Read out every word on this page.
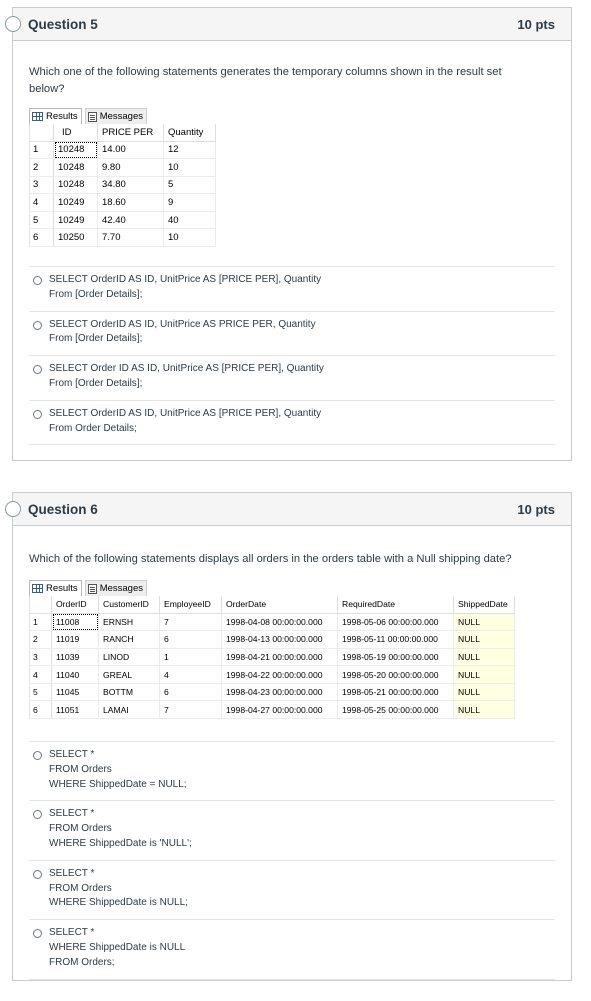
Question 5	10 pts
Which one of the following statements generates the temporary columns shown in the result set
below?
Results Messages
	ID	PRICE PER	Quantity
1	10248	14.00	12
2	10248	9.80	10
3	10248	34.80	5
4	10249	18.60	9
5	10249	42.40	40
6	10250	7.70	10
SELECT OrderID AS ID, UnitPrice AS [PRICE PER], Quantity
From [Order Details];
SELECT OrderID AS ID, UnitPrice AS PRICE PER, Quantity
From [Order Details];
SELECT Order ID AS ID, UnitPrice AS [PRICE PER], Quantity
From [Order Details];
SELECT OrderID AS ID, UnitPrice AS [PRICE PER], Quantity
From Order Details;
Question 6	10 pts
Which of the following statements displays all orders in the orders table with a Null shipping date?
Results Messages
	OrderID	CustomerID	EmployeeID	OrderDate	RequiredDate	ShippedDate
1	11008	ERNSH	7	1998-04-08 00:00:00.000	1998-05-06 00:00:00.000	NULL
2	11019	RANCH	6	1998-04-13 00:00:00.000	1998-05-11 00:00:00.000	NULL
3	11039	LINOD	1	1998-04-21 00:00:00.000	1998-05-19 00:00:00.000	NULL
4	11040	GREAL	4	1998-04-22 00:00:00.000	1998-05-20 00:00:00.000	NULL
5	11045	BOTTM	6	1998-04-23 00:00:00.000	1998-05-21 00:00:00.000	NULL
6	11051	LAMAI	7	1998-04-27 00:00:00.000	1998-05-25 00:00:00.000	NULL
SELECT *
FROM Orders
WHERE ShippedDate = NULL;
SELECT *
FROM Orders
WHERE ShippedDate is 'NULL';
SELECT *
FROM Orders
WHERE ShippedDate is NULL;
SELECT *
WHERE ShippedDate is NULL
FROM Orders;
